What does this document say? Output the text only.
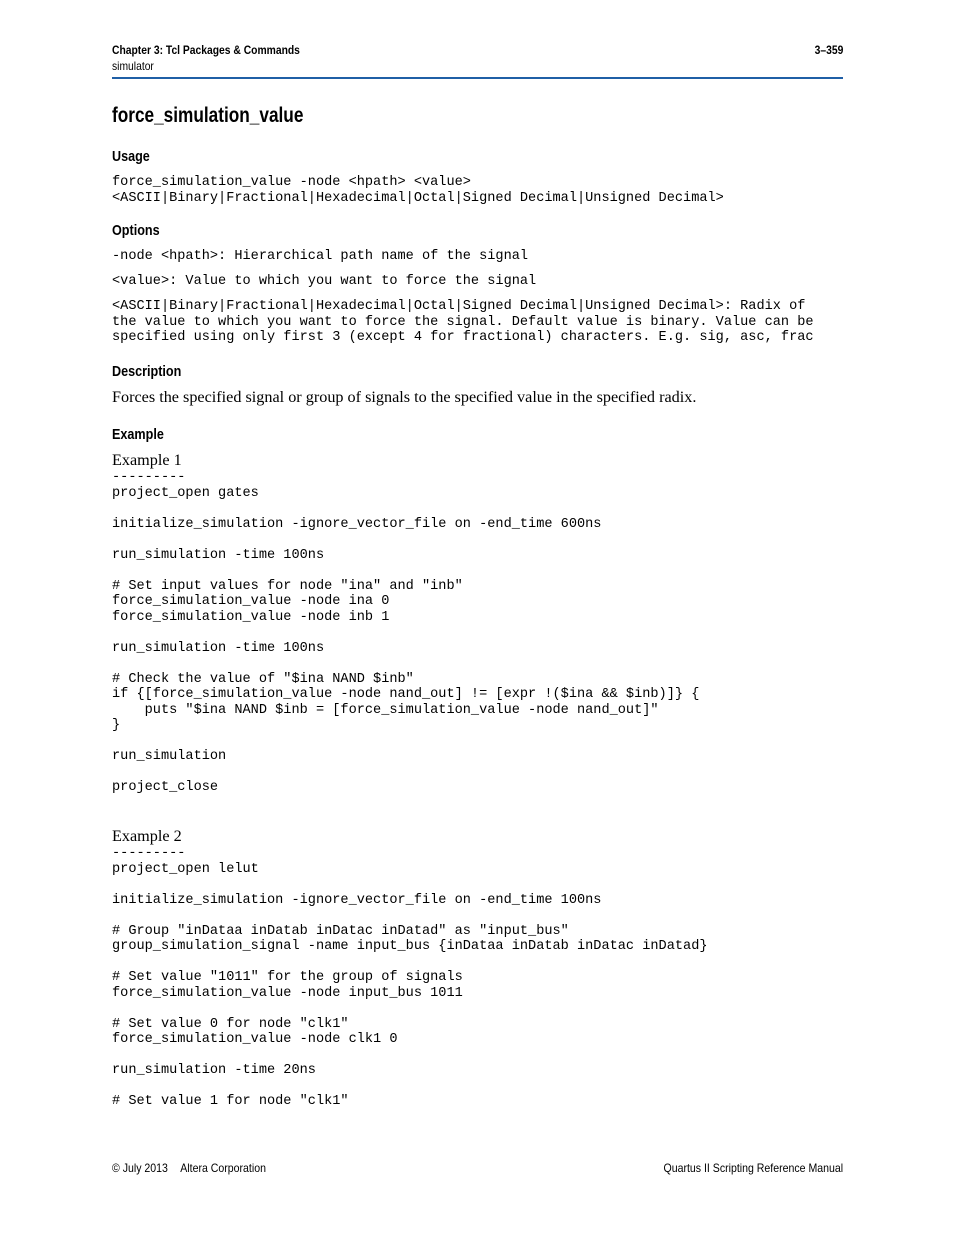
Chapter 3: Tcl Packages & Commands
simulator
3–359
force_simulation_value
Usage
force_simulation_value -node <hpath> <value>
<ASCII|Binary|Fractional|Hexadecimal|Octal|Signed Decimal|Unsigned Decimal>
Options
-node <hpath>: Hierarchical path name of the signal
<value>: Value to which you want to force the signal
<ASCII|Binary|Fractional|Hexadecimal|Octal|Signed Decimal|Unsigned Decimal>: Radix of
the value to which you want to force the signal. Default value is binary. Value can be
specified using only first 3 (except 4 for fractional) characters. E.g. sig, asc, frac
Description
Forces the specified signal or group of signals to the specified value in the specified radix.
Example
Example 1
---------
project_open gates

initialize_simulation -ignore_vector_file on -end_time 600ns

run_simulation -time 100ns

# Set input values for node "ina" and "inb"
force_simulation_value -node ina 0
force_simulation_value -node inb 1

run_simulation -time 100ns

# Check the value of "$ina NAND $inb"
if {[force_simulation_value -node nand_out] != [expr !($ina && $inb)]} {
puts "$ina NAND $inb = [force_simulation_value -node nand_out]"
}

run_simulation

project_close
Example 2
---------
project_open lelut

initialize_simulation -ignore_vector_file on -end_time 100ns

# Group "inDataa inDatab inDatac inDatad" as "input_bus"
group_simulation_signal -name input_bus {inDataa inDatab inDatac inDatad}

# Set value "1011" for the group of signals
force_simulation_value -node input_bus 1011

# Set value 0 for node "clk1"
force_simulation_value -node clk1 0

run_simulation -time 20ns

# Set value 1 for node "clk1"
© July 2013 Altera Corporation	Quartus II Scripting Reference Manual
